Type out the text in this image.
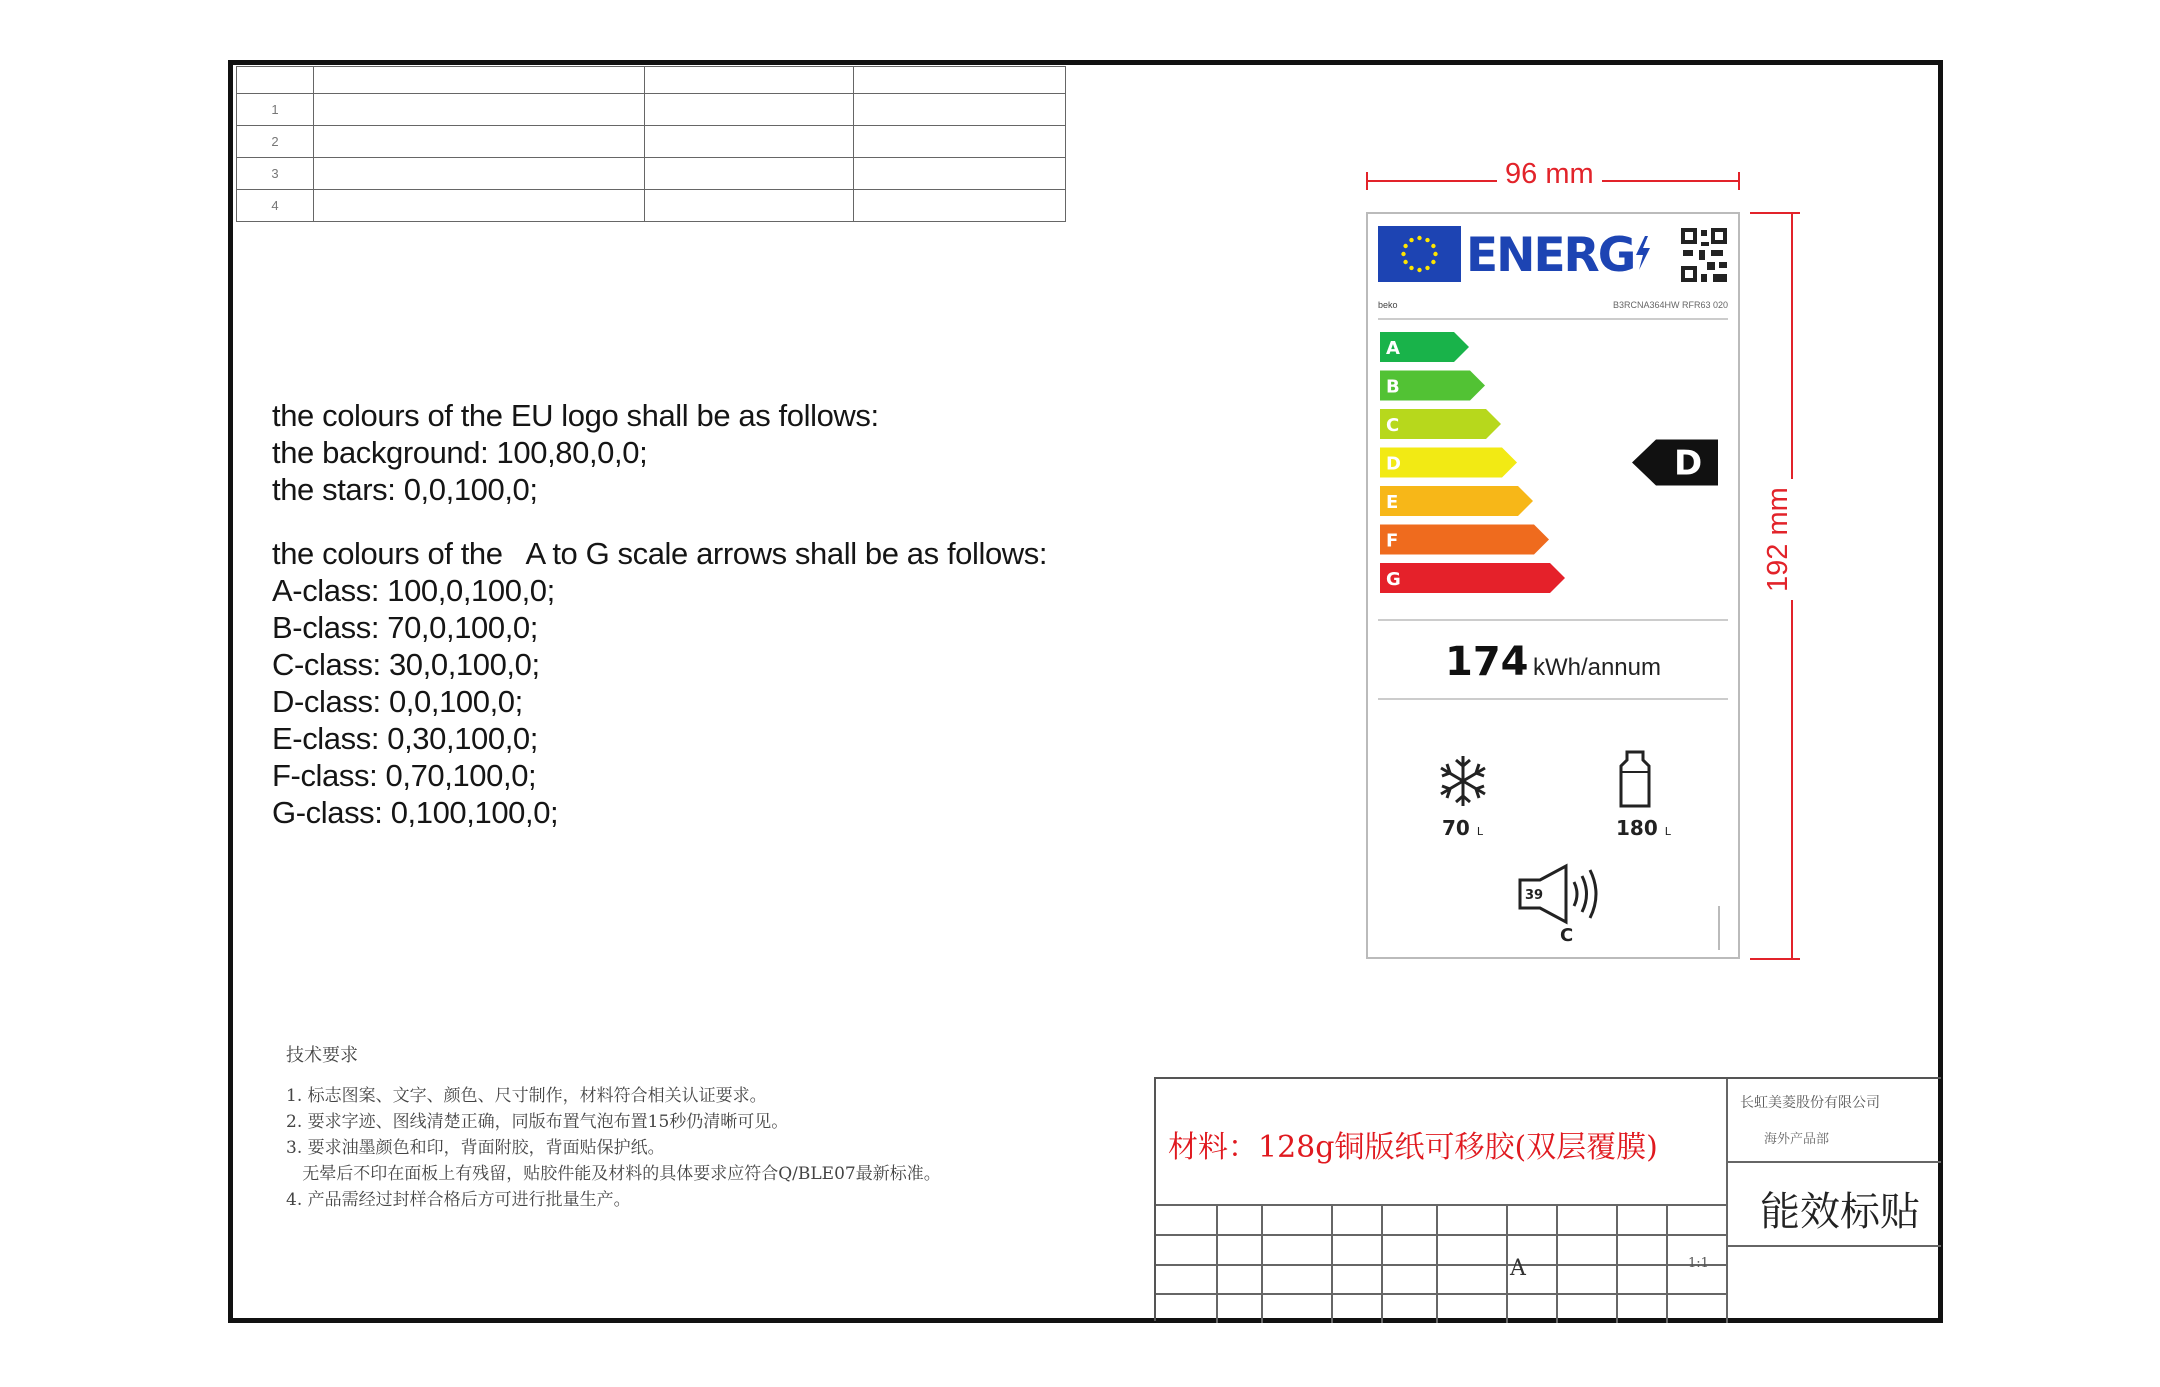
1			
2			
3			
4			
the colours of the EU logo shall be as follows:
the background: 100,80,0,0;
the stars: 0,0,100,0;
the colours of the   A to G scale arrows shall be as follows:
A-class: 100,0,100,0;
B-class: 70,0,100,0;
C-class: 30,0,100,0;
D-class: 0,0,100,0;
E-class: 0,30,100,0;
F-class: 0,70,100,0;
G-class: 0,100,100,0;
技术要求
1. 标志图案、文字、颜色、尺寸制作，材料符合相关认证要求。
2. 要求字迹、图线清楚正确，同版布置气泡布置15秒仍清晰可见。
3. 要求油墨颜色和印，背面附胶，背面贴保护纸。
无晕后不印在面板上有残留，贴胶件能及材料的具体要求应符合Q/BLE07最新标准。
4. 产品需经过封样合格后方可进行批量生产。
材料：128g铜版纸可移胶(双层覆膜)
长虹美菱股份有限公司
海外产品部
能效标贴
A	1:1
96 mm
192 mm
ENERG
beko	B3RCNA364HW RFR63 020
A
B
C
D
E
F
G
D
174 kWh/annum
70 L	180 L
39
C
